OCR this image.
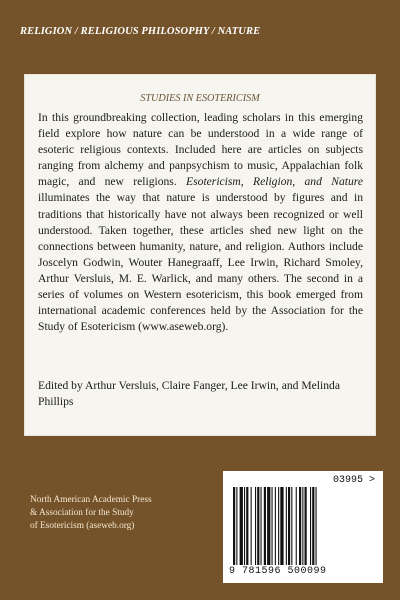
RELIGION / RELIGIOUS PHILOSOPHY / NATURE
STUDIES IN ESOTERICISM
In this groundbreaking collection, leading scholars in this emerging field explore how nature can be understood in a wide range of esoteric religious contexts. Included here are articles on subjects ranging from alchemy and panpsychism to music, Appalachian folk magic, and new religions. Esotericism, Religion, and Nature illuminates the way that nature is understood by figures and in traditions that historically have not always been recognized or well understood. Taken together, these articles shed new light on the connections between humanity, nature, and religion. Authors include Joscelyn Godwin, Wouter Hanegraaff, Lee Irwin, Richard Smoley, Arthur Versluis, M. E. Warlick, and many others. The second in a series of volumes on Western esotericism, this book emerged from international academic conferences held by the Association for the Study of Esotericism (www.aseweb.org).
Edited by Arthur Versluis, Claire Fanger, Lee Irwin, and Melinda Phillips
North American Academic Press
& Association for the Study
of Esotericism (aseweb.org)
03995 >
9 781596 500099
